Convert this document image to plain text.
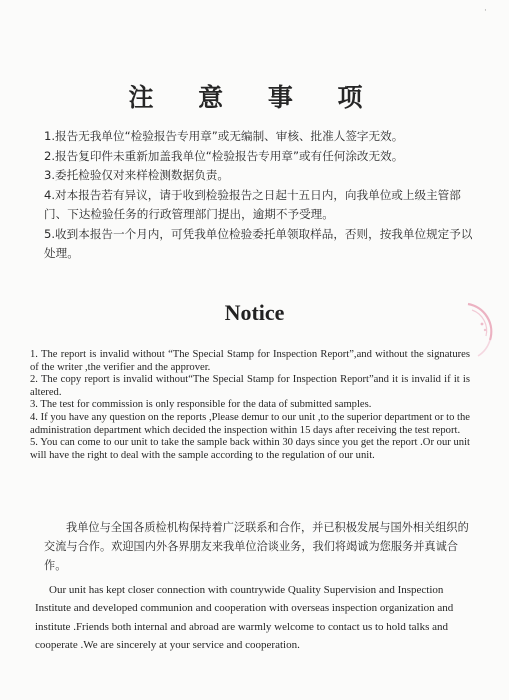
注 意 事 项
1.报告无我单位“检验报告专用章”或无编制、审核、批准人签字无效。
2.报告复印件未重新加盖我单位“检验报告专用章”或有任何涂改无效。
3.委托检验仅对来样检测数据负责。
4.对本报告若有异议，请于收到检验报告之日起十五日内，向我单位或上级主管部门、下达检验任务的行政管理部门提出，逾期不予受理。
5.收到本报告一个月内，可凭我单位检验委托单领取样品，否则，按我单位规定予以处理。
Notice
1. The report is invalid without “The Special Stamp for Inspection Report”,and without the signatures of the writer ,the verifier and the approver.
2. The copy report is invalid without“The Special Stamp for Inspection Report”and it is invalid if it is altered.
3. The test for commission is only responsible for the data of submitted samples.
4. If you have any question on the reports ,Please demur to our unit ,to the superior department or to the administration department which decided the inspection within 15 days after receiving the test report.
5. You can come to our unit to take the sample back within 30 days since you get the report .Or our unit will have the right to deal with the sample according to the regulation of our unit.

我单位与全国各质检机构保持着广泛联系和合作，并已积极发展与国外相关组织的交流与合作。欢迎国内外各界朋友来我单位洽谈业务，我们将竭诚为您服务并真诚合作。

Our unit has kept closer connection with countrywide Quality Supervision and Inspection Institute and developed communion and cooperation with overseas inspection organization and institute .Friends both internal and abroad are warmly welcome to contact us to hold talks and cooperate .We are sincerely at your service and cooperation.

·
